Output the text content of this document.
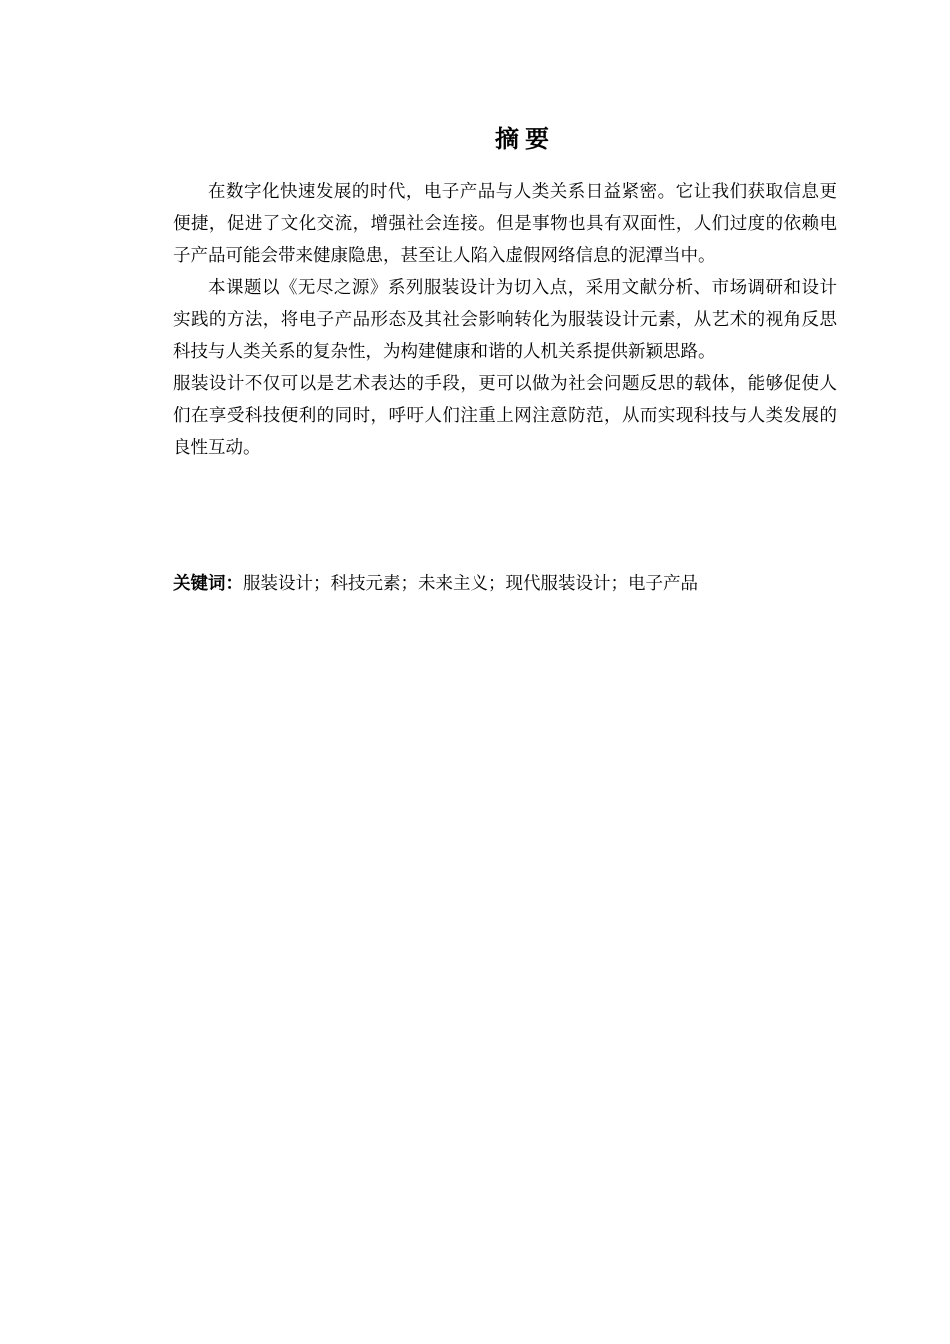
摘要

在数字化快速发展的时代，电子产品与人类关系日益紧密。它让我们获取信息更便捷，促进了文化交流，增强社会连接。但是事物也具有双面性，人们过度的依赖电子产品可能会带来健康隐患，甚至让人陷入虚假网络信息的泥潭当中。

本课题以《无尽之源》系列服装设计为切入点，采用文献分析、市场调研和设计实践的方法，将电子产品形态及其社会影响转化为服装设计元素，从艺术的视角反思科技与人类关系的复杂性，为构建健康和谐的人机关系提供新颖思路。

服装设计不仅可以是艺术表达的手段，更可以做为社会问题反思的载体，能够促使人们在享受科技便利的同时，呼吁人们注重上网注意防范，从而实现科技与人类发展的良性互动。

关键词：服装设计；科技元素；未来主义；现代服装设计；电子产品
